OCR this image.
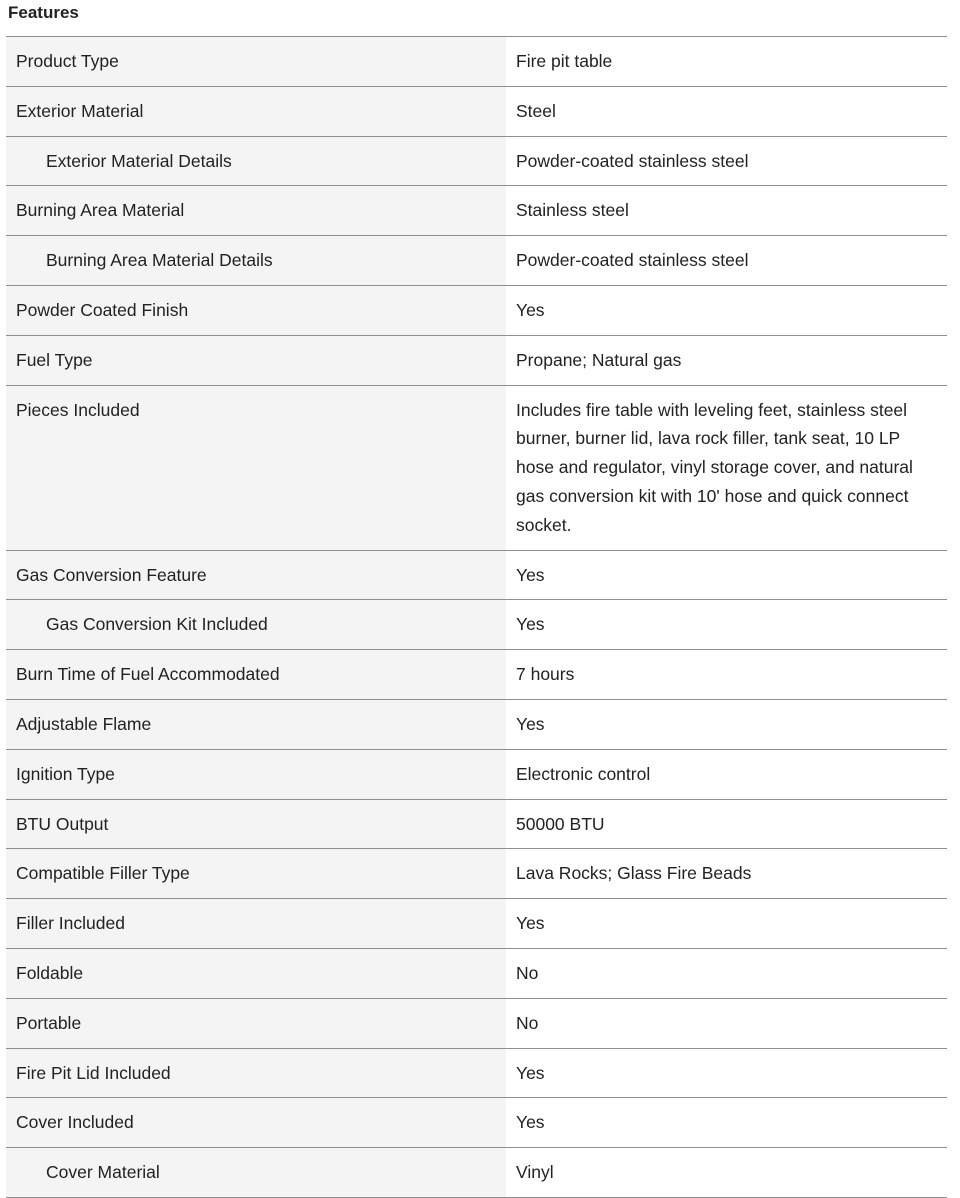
Features
Product Type	Fire pit table
Exterior Material	Steel
Exterior Material Details	Powder-coated stainless steel
Burning Area Material	Stainless steel
Burning Area Material Details	Powder-coated stainless steel
Powder Coated Finish	Yes
Fuel Type	Propane; Natural gas
Pieces Included	Includes fire table with leveling feet, stainless steel burner, burner lid, lava rock filler, tank seat, 10 LP hose and regulator, vinyl storage cover, and natural gas conversion kit with 10' hose and quick connect socket.
Gas Conversion Feature	Yes
Gas Conversion Kit Included	Yes
Burn Time of Fuel Accommodated	7 hours
Adjustable Flame	Yes
Ignition Type	Electronic control
BTU Output	50000 BTU
Compatible Filler Type	Lava Rocks; Glass Fire Beads
Filler Included	Yes
Foldable	No
Portable	No
Fire Pit Lid Included	Yes
Cover Included	Yes
Cover Material	Vinyl
